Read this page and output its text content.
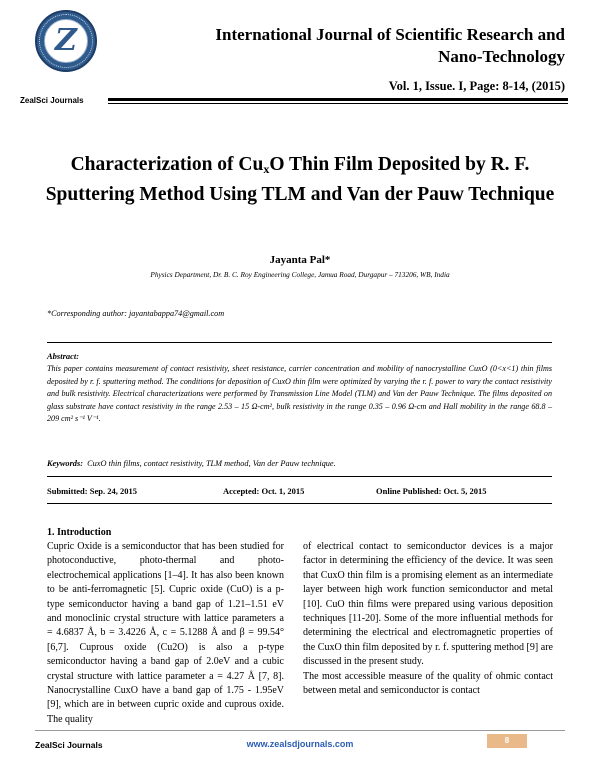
Z
ZealSci Journals
International Journal of Scientific Research and
Nano-Technology
Vol. 1, Issue. I, Page: 8-14, (2015)
Characterization of $Cu_xO$ Thin Film Deposited by R. F. Sputtering Method Using TLM and Van der Pauw Technique
Jayanta Pal*
Physics Department, Dr. B. C. Roy Engineering College, Jamua Road, Durgapur – 713206, WB, India
*Corresponding author: jayantabappa74@gmail.com
Abstract:
This paper contains measurement of contact resistivity, sheet resistance, carrier concentration and mobility of nanocrystalline CuxO (0<x<1) thin films deposited by r. f. sputtering method. The conditions for deposition of CuxO thin film were optimized by varying the r. f. power to vary the contact resistivity and bulk resistivity. Electrical characterizations were performed by Transmission Line Model (TLM) and Van der Pauw Technique. The films deposited on glass substrate have contact resistivity in the range 2.53 – 15 Ω-cm², bulk resistivity in the range 0.35 – 0.96 Ω-cm and Hall mobility in the range 68.8 – 209 cm² s⁻¹ V⁻¹.
Keywords: CuxO thin films, contact resistivity, TLM method, Van der Pauw technique.
Submitted: Sep. 24, 2015	Accepted: Oct. 1, 2015	Online Published: Oct. 5, 2015
1. Introduction

Cupric Oxide is a semiconductor that has been studied for photoconductive, photo-thermal and photo-electrochemical applications [1–4]. It has also been known to be anti-ferromagnetic [5]. Cupric oxide (CuO) is a p-type semiconductor having a band gap of 1.21–1.51 eV and monoclinic crystal structure with lattice parameters a = 4.6837 Å, b = 3.4226 Å, c = 5.1288 Å and β = 99.54° [6,7]. Cuprous oxide (Cu2O) is also a p-type semiconductor having a band gap of 2.0eV and a cubic crystal structure with lattice parameter a = 4.27 Å [7, 8]. Nanocrystalline CuxO have a band gap of 1.75 - 1.95eV [9], which are in between cupric oxide and cuprous oxide. The quality

of electrical contact to semiconductor devices is a major factor in determining the efficiency of the device. It was seen that CuxO thin film is a promising element as an intermediate layer between high work function semiconductor and metal [10]. CuO thin films were prepared using various deposition techniques [11-20]. Some of the more influential methods for determining the electrical and electromagnetic properties of the CuxO thin film deposited by r. f. sputtering method [9] are discussed in the present study.

The most accessible measure of the quality of ohmic contact between metal and semiconductor is contact

ZealSci Journals	www.zealsdjournals.com	8
